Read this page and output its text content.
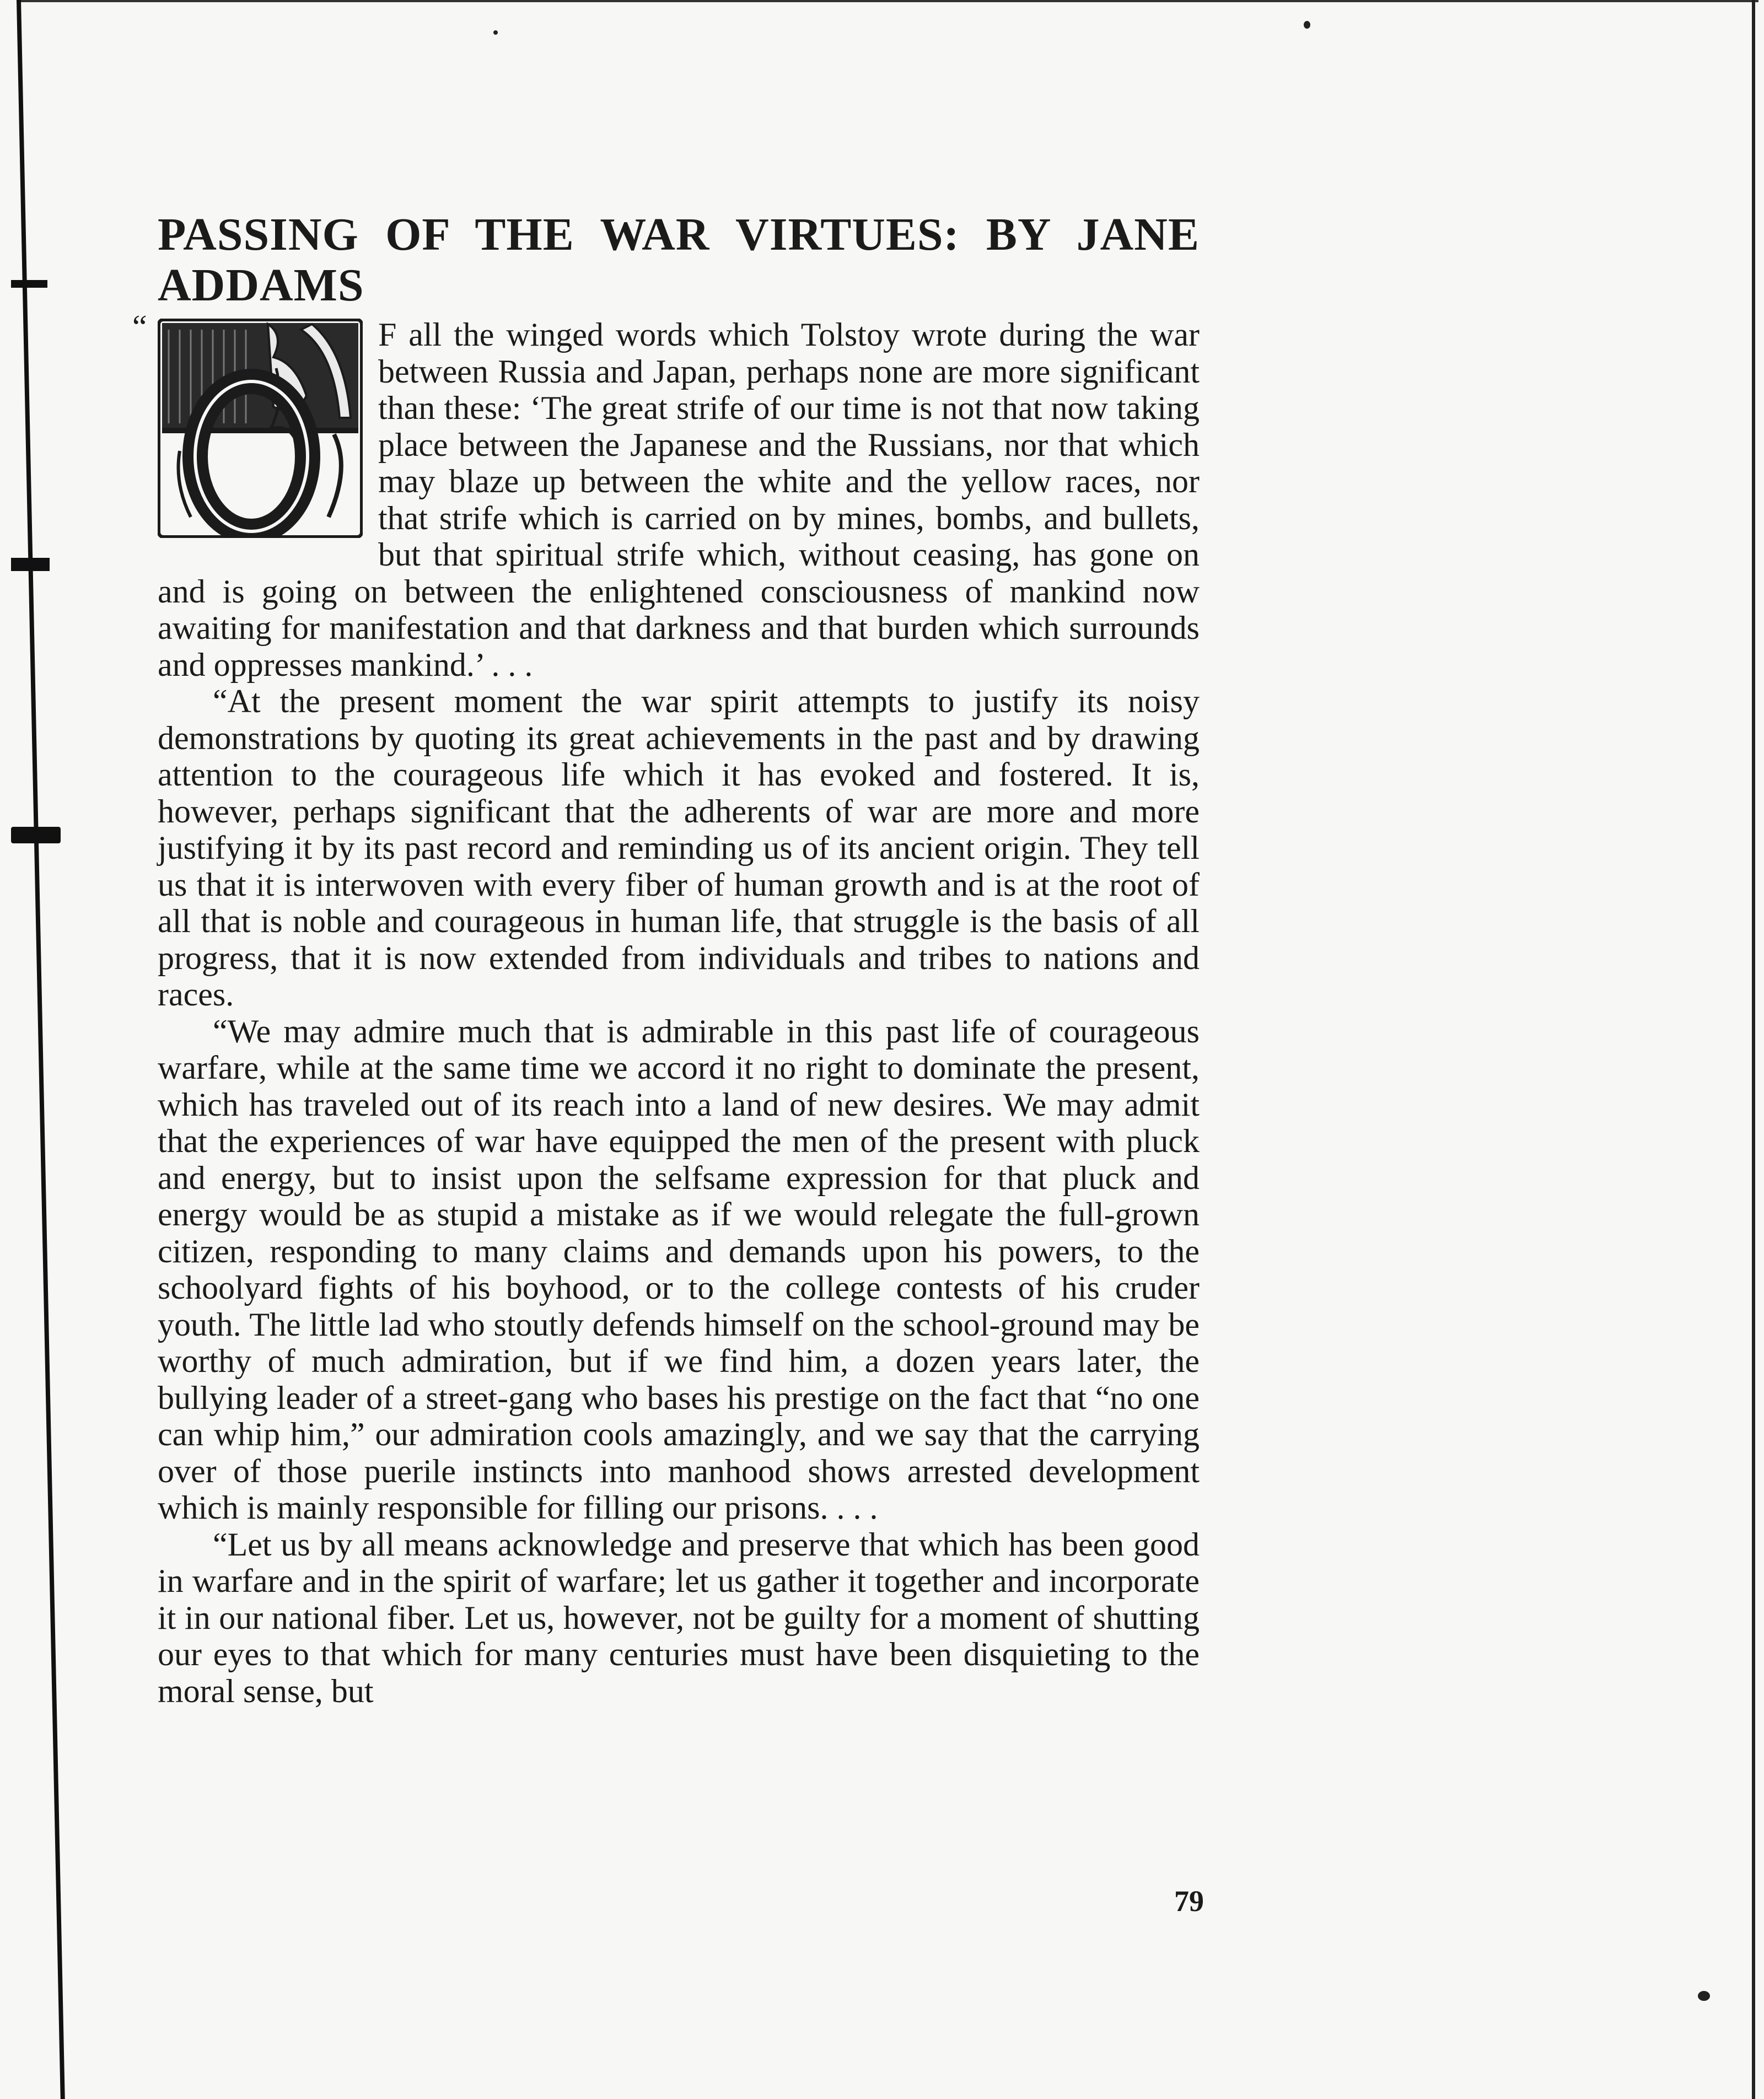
PASSING OF THE WAR VIRTUES: BY JANE ADDAMS
“	F all the winged words which Tolstoy wrote during the war between Russia and Japan, perhaps none are more significant than these: ‘The great strife of our time is not that now taking place between the Japanese and the Russians, nor that which may blaze up between the white and the yellow races, nor that strife which is carried on by mines, bombs, and bullets, but that spiritual strife which, without ceasing, has gone on and is going on between the enlightened consciousness of mankind now awaiting for manifestation and that darkness and that burden which surrounds and oppresses mankind.’ . . .

“At the present moment the war spirit attempts to justify its noisy demonstrations by quoting its great achievements in the past and by drawing attention to the courageous life which it has evoked and fostered. It is, however, perhaps significant that the adherents of war are more and more justifying it by its past record and reminding us of its ancient origin. They tell us that it is interwoven with every fiber of human growth and is at the root of all that is noble and courageous in human life, that struggle is the basis of all progress, that it is now extended from individuals and tribes to nations and races.

“We may admire much that is admirable in this past life of courageous warfare, while at the same time we accord it no right to dominate the present, which has traveled out of its reach into a land of new desires. We may admit that the experiences of war have equipped the men of the present with pluck and energy, but to insist upon the selfsame expression for that pluck and energy would be as stupid a mistake as if we would relegate the full-grown citizen, responding to many claims and demands upon his powers, to the schoolyard fights of his boyhood, or to the college contests of his cruder youth. The little lad who stoutly defends himself on the school-ground may be worthy of much admiration, but if we find him, a dozen years later, the bullying leader of a street-gang who bases his prestige on the fact that “no one can whip him,” our admiration cools amazingly, and we say that the carrying over of those puerile instincts into manhood shows arrested development which is mainly responsible for filling our prisons. . . .

“Let us by all means acknowledge and preserve that which has been good in warfare and in the spirit of warfare; let us gather it together and incorporate it in our national fiber. Let us, however, not be guilty for a moment of shutting our eyes to that which for many centuries must have been disquieting to the moral sense, but

79
